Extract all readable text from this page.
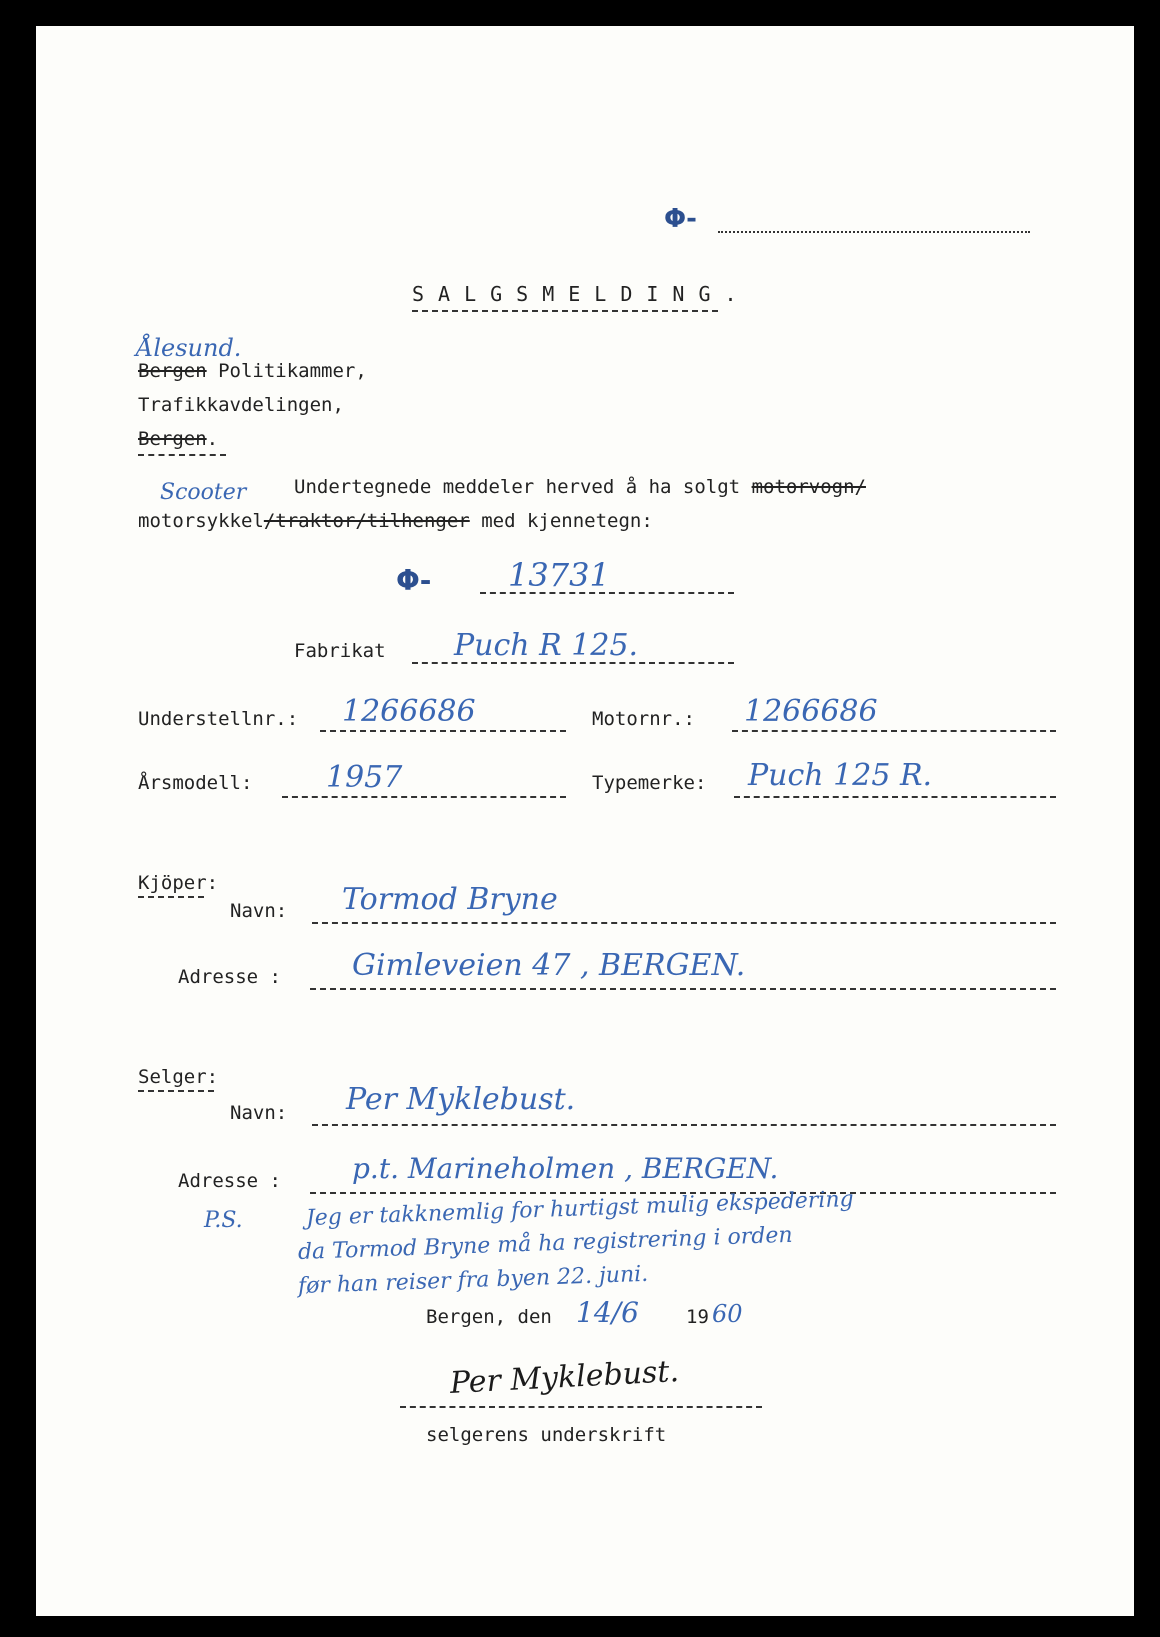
Φ-
SALGSMELDING.
Ålesund.
Bergen Politikammer,
Trafikkavdelingen,
Bergen.
Scooter	Undertegnede meddeler herved å ha solgt motorvogn/
motorsykkel/traktor/tilhenger med kjennetegn:
Φ- 13731
Fabrikat Puch R 125.
Understellnr.: 1266686	Motornr.: 1266686
Årsmodell: 1957	Typemerke: Puch 125 R.
Kjöper:
Navn: Tormod Bryne
Adresse : Gimleveien 47 , BERGEN.
Selger:
Navn: Per Myklebust.
Adresse :	p.t. Marineholmen , BERGEN.
P.S.	Jeg er takknemlig for hurtigst mulig ekspedering
da Tormod Bryne må ha registrering i orden
før han reiser fra byen 22. juni.
Bergen, den 14/6 19 60
Per Myklebust.
selgerens underskrift
